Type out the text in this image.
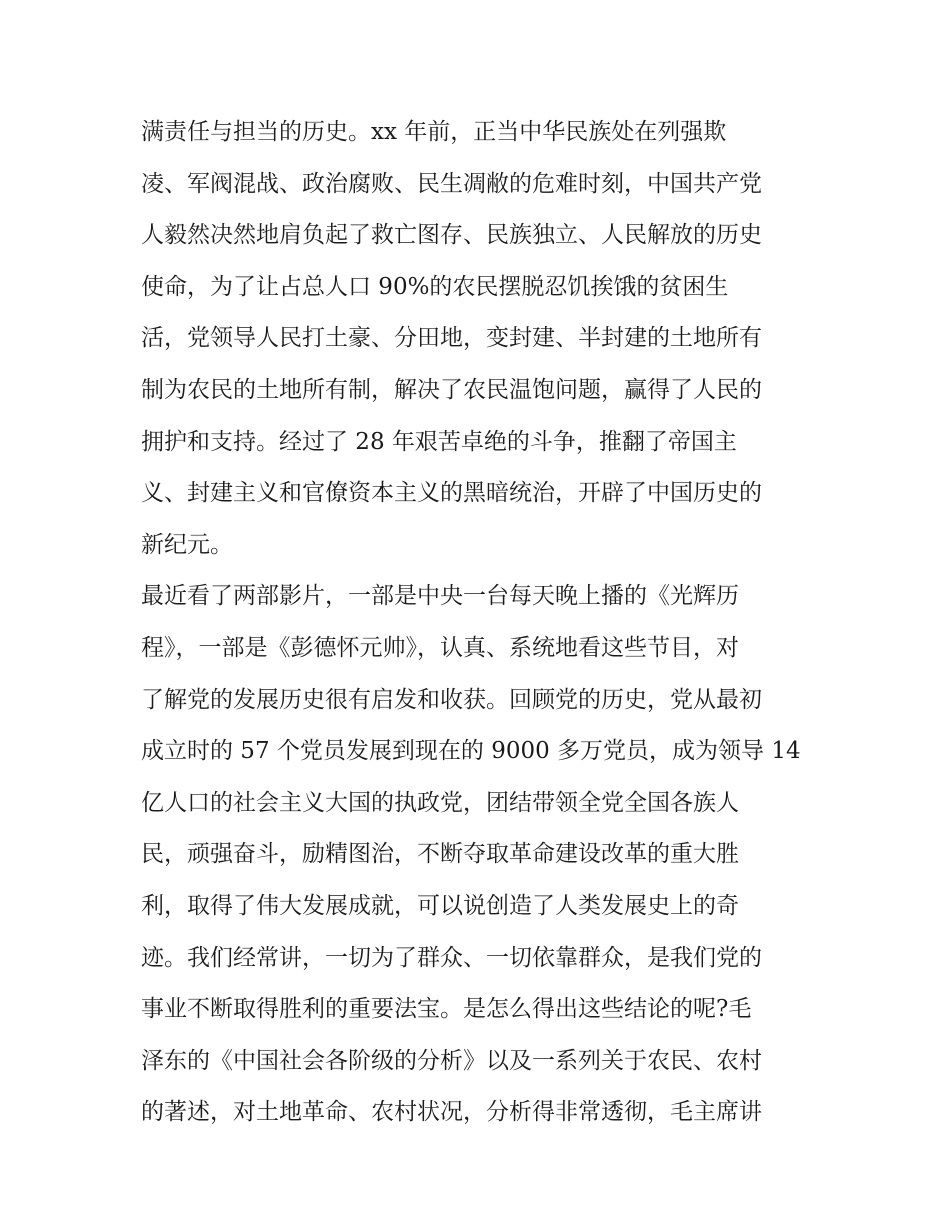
满责任与担当的历史。xx 年前，正当中华民族处在列强欺
凌、军阀混战、政治腐败、民生凋敝的危难时刻，中国共产党
人毅然决然地肩负起了救亡图存、民族独立、人民解放的历史
使命，为了让占总人口 90%的农民摆脱忍饥挨饿的贫困生
活，党领导人民打土豪、分田地，变封建、半封建的土地所有
制为农民的土地所有制，解决了农民温饱问题，赢得了人民的
拥护和支持。经过了 28 年艰苦卓绝的斗争，推翻了帝国主
义、封建主义和官僚资本主义的黑暗统治，开辟了中国历史的
新纪元。
最近看了两部影片，一部是中央一台每天晚上播的《光辉历
程》，一部是《彭德怀元帅》，认真、系统地看这些节目，对
了解党的发展历史很有启发和收获。回顾党的历史，党从最初
成立时的 57 个党员发展到现在的 9000 多万党员，成为领导 14
亿人口的社会主义大国的执政党，团结带领全党全国各族人
民，顽强奋斗，励精图治，不断夺取革命建设改革的重大胜
利，取得了伟大发展成就，可以说创造了人类发展史上的奇
迹。我们经常讲，一切为了群众、一切依靠群众，是我们党的
事业不断取得胜利的重要法宝。是怎么得出这些结论的呢?毛
泽东的《中国社会各阶级的分析》以及一系列关于农民、农村
的著述，对土地革命、农村状况，分析得非常透彻，毛主席讲
